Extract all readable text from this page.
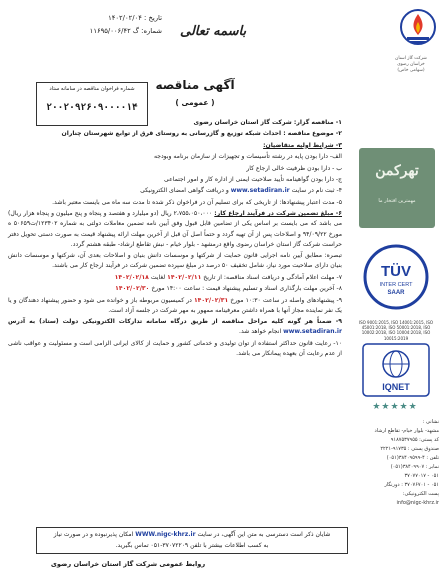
شرکت گاز استان
خراسان رضوی
(سهامی خاص)
باسمه تعالی
تاریخ : ۱۴۰۲/۰۲/۰۴
شماره: گ ۱۱۶۹۵/۰۰۶/۴۲
شماره فراخوان مناقصه در سامانه ستاد
۲۰۰۲۰۹۲۶۰۹۰۰۰۰۱۴
آگهی مناقصه
( عمومی )

۱- مناقصه گزار: شرکت گاز استان خراسان رضوی

۲- موضوع مناقصه : احداث شبکه توزیع و گازرسانی به روستای قرق از توابع شهرستان چناران

۳- شرایط اولیه متقاضیان:

الف- دارا بودن پایه در رشته تأسیسات و تجهیزات از سازمان برنامه وبودجه

ب - دارا بودن ظرفیت خالی ارجاع کار

ج- دارا بودن گواهینامه تأیید صلاحیت ایمنی از اداره کار و امور اجتماعی

۴- ثبت نام در سایت www.setadiran.ir و دریافت گواهی امضای الکترونیکی

۵- مدت اعتبار پیشنهادها: از تاریخی که برای تسلیم آن در فراخوان ذکر شده تا مدت سه ماه می بایست معتبر باشد.

۶- مبلغ تضمین شرکت در فرآیند ارجاع کار: ۲،۷۵۵،۰۵۰،۰۰۰ ریال (دو میلیارد و هفتصد و پنجاه و پنج میلیون و پنجاه هزار ریال) می باشد که می بایست بر اساس یکی از تضامین قابل قبول وفق آیین نامه تضمین معاملات دولتی به شماره ۱۲۳۴۰۲/ت۵۰۶۵۹ ه مورخ ۹۴/۰۹/۲۲ و اصلاحات پس از آن تهیه گردد و حتماً اصل آن قبل از آخرین مهلت ارائه پیشنهاد قیمت به صورت دستی تحویل دفتر حراست شرکت گاز استان خراسان رضوی واقع درمشهد - بلوار خیام - نبش تقاطع ارشاد- طبقه هشتم گردد.

تبصره: مطابق آیین نامه اجرایی قانون حمایت از شرکتها و موسسات دانش بنیان و اصلاحات بعدی آن، شرکتها و موسسات دانش بنیان دارای صلاحیت مورد نیاز، شامل تخفیف ۵۰ درصد در مبلغ سپرده تضمین شرکت در فرآیند ارجاع کار می باشند.

۷- مهلت اعلام آمادگی و دریافت اسناد مناقصه: از تاریخ ۱۴۰۲/۰۲/۱۱ لغایت ۱۴۰۲/۰۲/۱۸

۸- آخرین مهلت بارگذاری اسناد و تسلیم پیشنهاد قیمت : ساعت ۱۴:۰۰ مورخ ۱۴۰۲/۰۲/۳۰

۹- پیشنهادهای واصله در ساعت ۱۰:۳۰ مورخ ۱۴۰۲/۰۲/۳۱ در کمیسیون مربوطه باز و خوانده می شود و حضور پیشنهاد دهندگان و یا یک نفر نماینده مجاز آنها با همراه داشتن معرفینامه ممهور به مهر شرکت در جلسه آزاد است.

۹- ضمناً هر گونه کلیه مراحل مناقصه از طریق درگاه سامانه تدارکات الکترونیکی دولت (ستاد) به آدرس www.setadiran.ir انجام خواهد شد.

۱۰- رعایت قانون حداکثر استفاده از توان تولیدی و خدماتی کشور و حمایت از کالای ایرانی الزامی است و مسئولیت و عواقب ناشی از عدم رعایت آن بعهده پیمانکار می باشد.

شایان ذکر است دسترسی به متن این آگهی، در سایت WWW.nigc-khrz.ir امکان پذیرنبوده و در صورت نیاز
به کسب اطلاعات بیشتر با تلفن ۳۷۰۷۲۲۰۹-۰۵۱ تماس بگیرید.
روابط عمومی شرکت گاز استان خراسان رضوی
تهرکمن
مهمترین افتخار ما
TÜV
INTER CERT
SAAR
ISO 9001:2015, ISO 14001:2015, ISO 45001:2018, ISO 50001:2018, ISO 10002:2018, ISO 10004:2018, ISO 10015:2019
IQNET
★★★★★
نشانی :
مشهد- بلوار خیام- تقاطع ارشاد
کد پستی: ۹۱۸۷۵۳۷۹۵۵
صندوق پستی : ۹۱۷۳۵-۲۲۲۱
تلفن : ۴-۳۸۴۰۹۵۹۹(۰۵۱)
نمابر : ۳۸۴۰۹۹۰۷(۰۵۱)
۰۵۱ - ۳۷۰۷۷۰۱۷
۰۵۱ - ۳۷۰۷۶۷۰۱ : دورنگار
پست الکترونیکی:
info@nigc-khrz.ir
